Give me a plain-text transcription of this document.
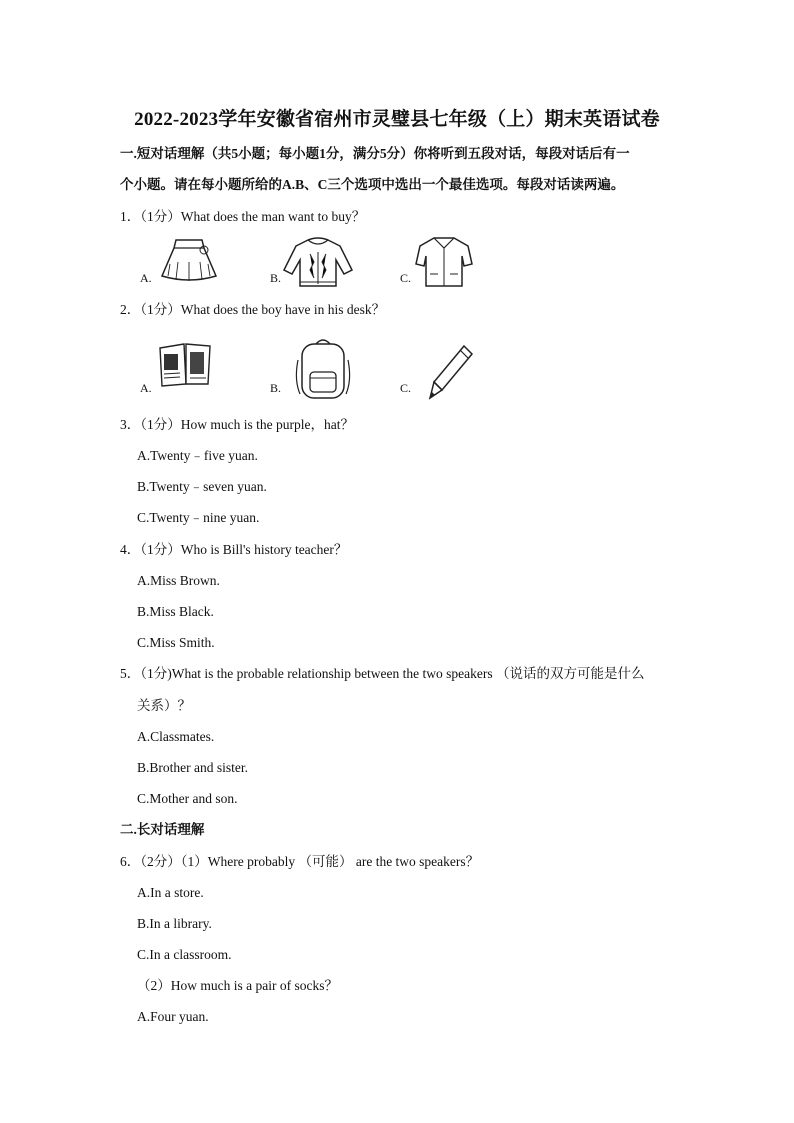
2022-2023学年安徽省宿州市灵璧县七年级（上）期末英语试卷
一.短对话理解（共5小题；每小题1分，满分5分）你将听到五段对话，每段对话后有一
个小题。请在每小题所给的A.B、C三个选项中选出一个最佳选项。每段对话读两遍。
1．（1分）What does the man want to buy？
A.	B.	C.
2．（1分）What does the boy have in his desk？
A.	B.	C.
3．（1分）How much is the purple，hat？
A.Twenty﹣five yuan.
B.Twenty﹣seven yuan.
C.Twenty﹣nine yuan.
4．（1分）Who is Bill's history teacher？
A.Miss Brown.
B.Miss Black.
C.Miss Smith.
5．（1分)What is the probable relationship between the two speakers （说话的双方可能是什么
关系）？
A.Classmates.
B.Brother and sister.
C.Mother and son.
二.长对话理解
6．（2分）（1）Where probably （可能） are the two speakers？
A.In a store.
B.In a library.
C.In a classroom.
（2）How much is a pair of socks？
A.Four yuan.
